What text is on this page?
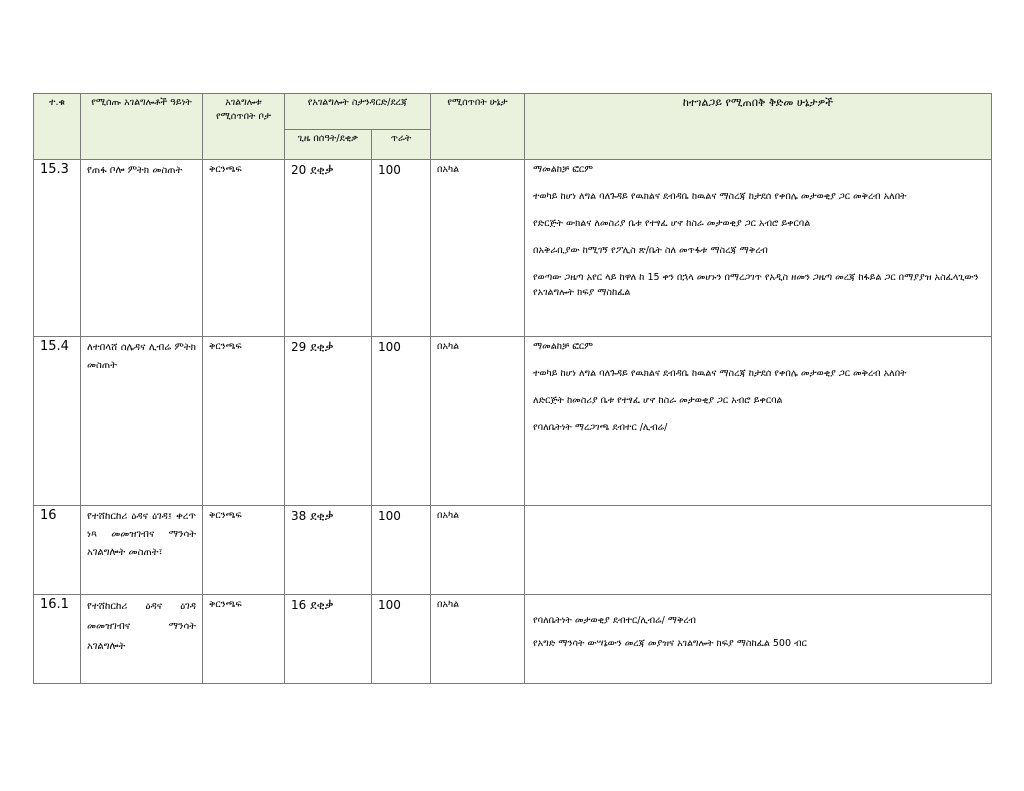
ተ.ቁ	የሚሰጡ አገልግሎቶች ዓይነት	አገልግሎቱ የሚሰጥበት ቦታ	የአገልግሎት ስታንዳርድ/ደረጃ		የሚሰጥበት ሁኔታ	ከተገልጋይ የሚጠበቅ ቅድመ ሁኔታዎች

			ጊዜ በሰዓት/ደቂቃ	ጥራት		

15.3	የጠፋ ቦሎ ምትክ መስጠት	ቅርንጫፍ	20 ደቂቃ	100	በአካል	ማመልከቻ ፎርም

ተወካይ ከሆነ ለግል ባለጉዳይ የዉክልና ደብዳቤ ከዉልና ማስረጃ ከታደሰ የቀበሌ መታወቂያ ጋር መቅረብ አለበት

የድርጅት ውክልና ለመስሪያ ቤቱ የተፃፈ ሆኖ ከስራ መታወቂያ ጋር አብሮ ይቀርባል

በአቅራቢያው ከሚገኝ የፖሊስ ጽ/ቤት ስለ መጥፋቱ ማስረጃ ማቅረብ

የወጣው ጋዜጣ አየር ላይ ከዋለ ከ 15 ቀን በኋላ መሆኑን በማረጋገጥ የአዲስ ዘመን ጋዜጣ መረጃ ከፋይል ጋር በማያያዝ አስፈላጊውን የአገልግሎት ክፍያ ማስከፈል

15.4	ለተበላሸ ሰሌዳና ሊብሬ ምትክ መስጠት	ቅርንጫፍ	29 ደቂቃ	100	በአካል	ማመልከቻ ፎርም

ተወካይ ከሆነ ለግል ባለጉዳይ የዉክልና ደብዳቤ ከዉልና ማስረጃ ከታደሰ የቀበሌ መታወቂያ ጋር መቅረብ አለበት

ለድርጅት ከመስሪያ ቤቱ የተፃፈ ሆኖ ከስራ መታወቂያ ጋር አብሮ ይቀርባል

የባለቤትነት ማረጋገጫ ደብተር /ሊብሬ/

16	የተሸከርከሪ ዕዳና ዕገዳ፤ ቀረጥ ነጻ መመዝገብና ማንሳት አገልግሎት መስጠት፣	ቅርንጫፍ	38 ደቂቃ	100	በአካል	

16.1	የተሸከርከሪ ዕዳና ዕገዳ መመዝገብና ማንሳት አገልግሎት	ቅርንጫፍ	16 ደቂቃ	100	በአካል	የባለቤትነት መታወቂያ ደብተር/ሊብሬ/ ማቅረብ

የአግድ ማንሳት ውሣኔውን መረጃ መያዝና አገልግሎት ክፍያ ማስከፈል 500 ብር
